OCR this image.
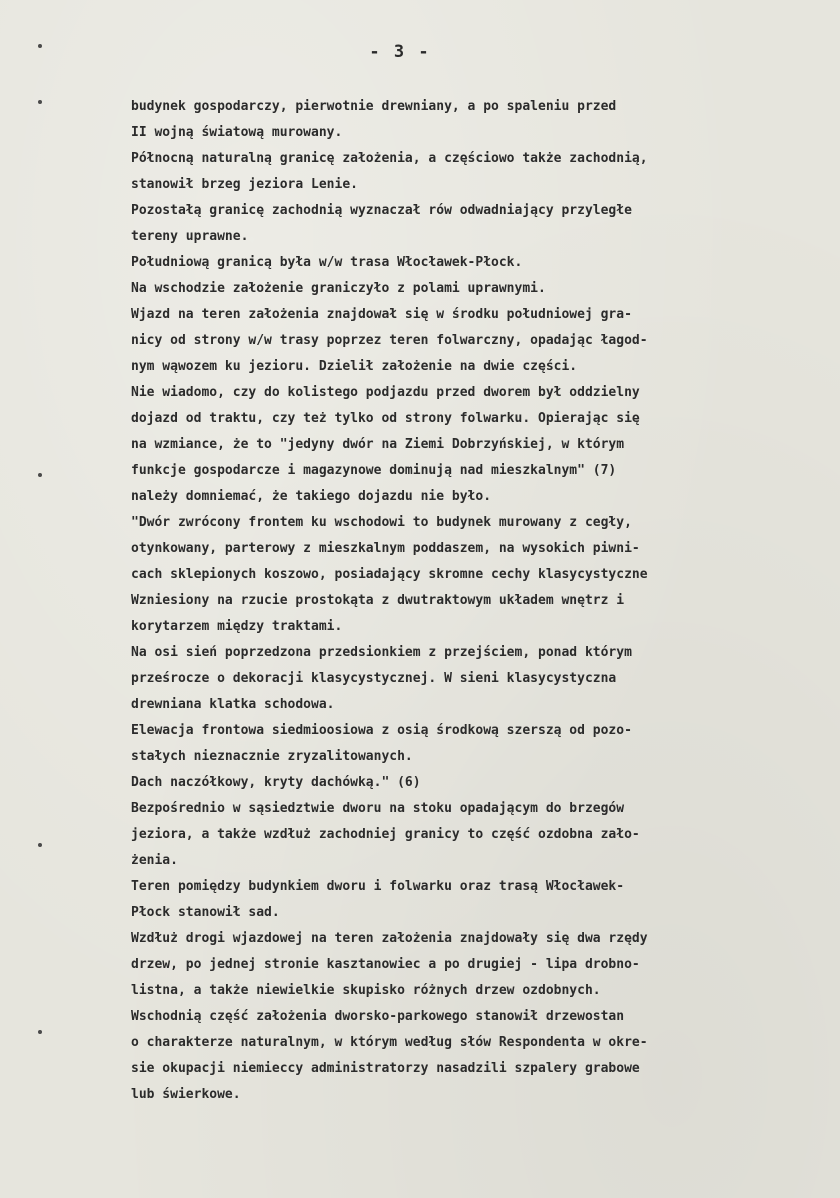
- 3 -
budynek gospodarczy, pierwotnie drewniany, a po spaleniu przed
II wojną światową murowany.
Północną naturalną granicę założenia, a częściowo także zachodnią,
stanowił brzeg jeziora Lenie.
Pozostałą granicę zachodnią wyznaczał rów odwadniający przyległe
tereny uprawne.
Południową granicą była w/w trasa Włocławek-Płock.
Na wschodzie założenie graniczyło z polami uprawnymi.
Wjazd na teren założenia znajdował się w środku południowej gra-
nicy od strony w/w trasy poprzez teren folwarczny, opadając łagod-
nym wąwozem ku jezioru. Dzielił założenie na dwie części.
Nie wiadomo, czy do kolistego podjazdu przed dworem był oddzielny
dojazd od traktu, czy też tylko od strony folwarku. Opierając się
na wzmiance, że to "jedyny dwór na Ziemi Dobrzyńskiej, w którym
funkcje gospodarcze i magazynowe dominują nad mieszkalnym" (7)
należy domniemać, że takiego dojazdu nie było.
"Dwór zwrócony frontem ku wschodowi to budynek murowany z cegły,
otynkowany, parterowy z mieszkalnym poddaszem, na wysokich piwni-
cach sklepionych koszowo, posiadający skromne cechy klasycystyczne
Wzniesiony na rzucie prostokąta z dwutraktowym układem wnętrz i
korytarzem między traktami.
Na osi sień poprzedzona przedsionkiem z przejściem, ponad którym
prześrocze o dekoracji klasycystycznej. W sieni klasycystyczna
drewniana klatka schodowa.
Elewacja frontowa siedmioosiowa z osią środkową szerszą od pozo-
stałych nieznacznie zryzalitowanych.
Dach naczółkowy, kryty dachówką." (6)
Bezpośrednio w sąsiedztwie dworu na stoku opadającym do brzegów
jeziora, a także wzdłuż zachodniej granicy to część ozdobna zało-
żenia.
Teren pomiędzy budynkiem dworu i folwarku oraz trasą Włocławek-
Płock stanowił sad.
Wzdłuż drogi wjazdowej na teren założenia znajdowały się dwa rzędy
drzew, po jednej stronie kasztanowiec a po drugiej - lipa drobno-
listna, a także niewielkie skupisko różnych drzew ozdobnych.
Wschodnią część założenia dworsko-parkowego stanowił drzewostan
o charakterze naturalnym, w którym według słów Respondenta w okre-
sie okupacji niemieccy administratorzy nasadzili szpalery grabowe
lub świerkowe.
